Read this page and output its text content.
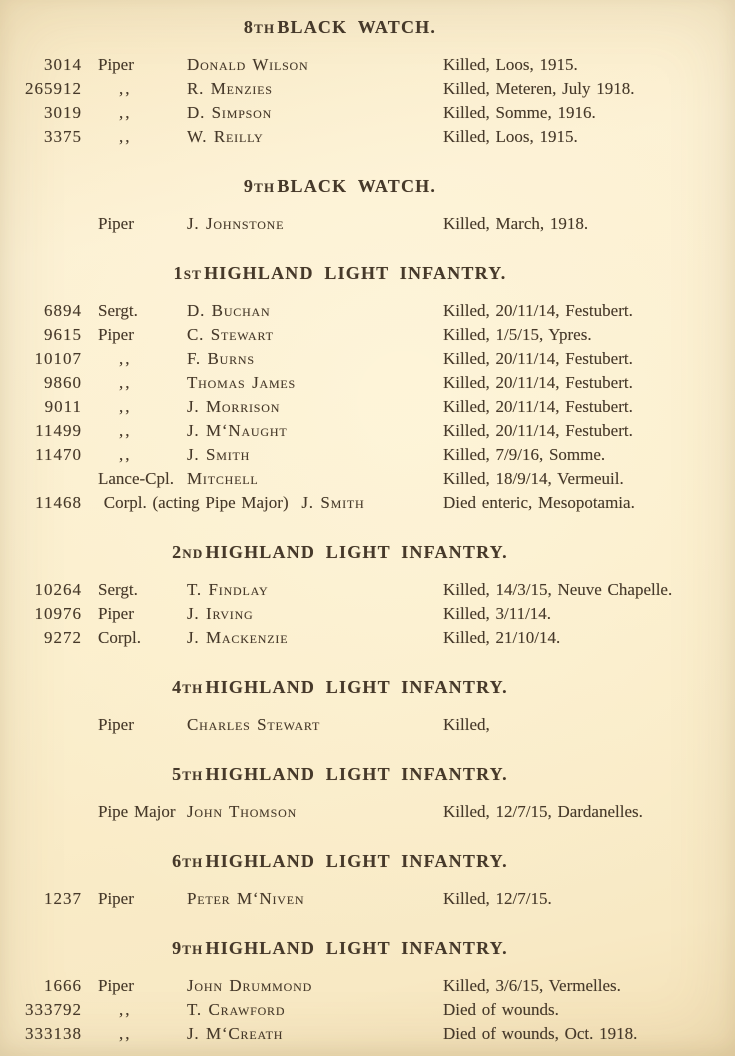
8th BLACK WATCH.
3014 Piper	Donald Wilson	Killed, Loos, 1915.
265912	,,	R. Menzies	Killed, Meteren, July 1918.
3019	,,	D. Simpson	Killed, Somme, 1916.
3375	,,	W. Reilly	Killed, Loos, 1915.
9th BLACK WATCH.
Piper	J. Johnstone	Killed, March, 1918.
1st HIGHLAND LIGHT INFANTRY.
6894 Sergt.	D. Buchan	Killed, 20/11/14, Festubert.
9615 Piper	C. Stewart	Killed, 1/5/15, Ypres.
10107	,,	F. Burns	Killed, 20/11/14, Festubert.
9860	,,	Thomas James	Killed, 20/11/14, Festubert.
9011	,,	J. Morrison	Killed, 20/11/14, Festubert.
11499	,,	J. M‘Naught	Killed, 20/11/14, Festubert.
11470	,,	J. Smith	Killed, 7/9/16, Somme.
Lance-Cpl. Mitchell	Killed, 18/9/14, Vermeuil.
11468 Corpl. (acting Pipe Major) J. Smith	Died enteric, Mesopotamia.
2nd HIGHLAND LIGHT INFANTRY.
10264 Sergt.	T. Findlay	Killed, 14/3/15, Neuve Chapelle.
10976 Piper	J. Irving	Killed, 3/11/14.
9272 Corpl.	J. Mackenzie	Killed, 21/10/14.
4th HIGHLAND LIGHT INFANTRY.
Piper	Charles Stewart	Killed,
5th HIGHLAND LIGHT INFANTRY.
Pipe Major John Thomson	Killed, 12/7/15, Dardanelles.
6th HIGHLAND LIGHT INFANTRY.
1237 Piper	Peter M‘Niven	Killed, 12/7/15.
9th HIGHLAND LIGHT INFANTRY.
1666 Piper	John Drummond	Killed, 3/6/15, Vermelles.
333792	,,	T. Crawford	Died of wounds.
333138	,,	J. M‘Creath	Died of wounds, Oct. 1918.
